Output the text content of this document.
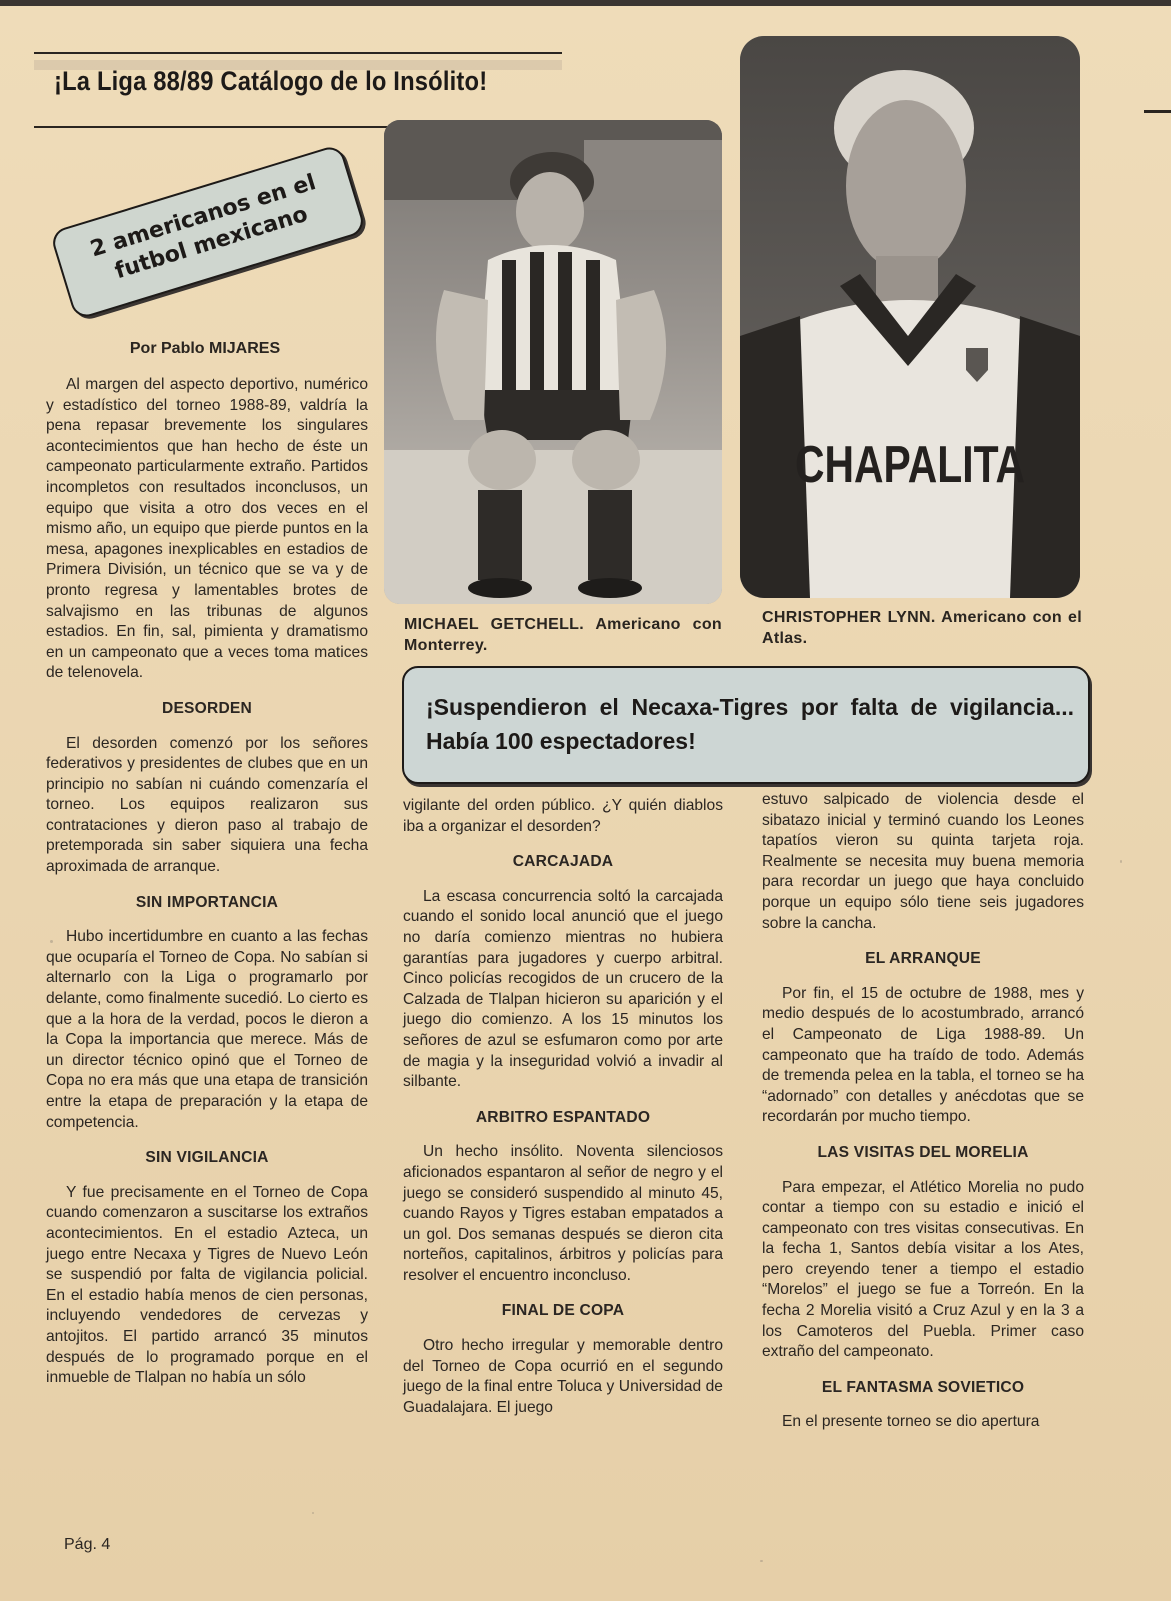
¡La Liga 88/89 Catálogo de lo Insólito!
2 americanos en el futbol mexicano
Por Pablo MIJARES

Al margen del aspecto deportivo, numérico y estadístico del torneo 1988-89, valdría la pena repasar brevemente los singulares acontecimientos que han hecho de éste un campeonato particularmente extraño. Partidos incompletos con resultados inconclusos, un equipo que visita a otro dos veces en el mismo año, un equipo que pierde puntos en la mesa, apagones inexplicables en estadios de Primera División, un técnico que se va y de pronto regresa y lamentables brotes de salvajismo en las tribunas de algunos estadios. En fin, sal, pimienta y dramatismo en un campeonato que a veces toma matices de telenovela.

DESORDEN

El desorden comenzó por los señores federativos y presidentes de clubes que en un principio no sabían ni cuándo comenzaría el torneo. Los equipos realizaron sus contrataciones y dieron paso al trabajo de pretemporada sin saber siquiera una fecha aproximada de arranque.

SIN IMPORTANCIA

Hubo incertidumbre en cuanto a las fechas que ocuparía el Torneo de Copa. No sabían si alternarlo con la Liga o programarlo por delante, como finalmente sucedió. Lo cierto es que a la hora de la verdad, pocos le dieron a la Copa la importancia que merece. Más de un director técnico opinó que el Torneo de Copa no era más que una etapa de transición entre la etapa de preparación y la etapa de competencia.

SIN VIGILANCIA

Y fue precisamente en el Torneo de Copa cuando comenzaron a suscitarse los extraños acontecimientos. En el estadio Azteca, un juego entre Necaxa y Tigres de Nuevo León se suspendió por falta de vigilancia policial. En el estadio había menos de cien personas, incluyendo vendedores de cervezas y antojitos. El partido arrancó 35 minutos después de lo programado porque en el inmueble de Tlalpan no había un sólo

CHAPALITA
MICHAEL GETCHELL. Americano con Monterrey.
CHRISTOPHER LYNN. Americano con el Atlas.
¡Suspendieron el Necaxa-Tigres por falta de vigilancia... Había 100 espectadores!

vigilante del orden público. ¿Y quién diablos iba a organizar el desorden?

CARCAJADA

La escasa concurrencia soltó la carcajada cuando el sonido local anunció que el juego no daría comienzo mientras no hubiera garantías para jugadores y cuerpo arbitral. Cinco policías recogidos de un crucero de la Calzada de Tlalpan hicieron su aparición y el juego dio comienzo. A los 15 minutos los señores de azul se esfumaron como por arte de magia y la inseguridad volvió a invadir al silbante.

ARBITRO ESPANTADO

Un hecho insólito. Noventa silenciosos aficionados espantaron al señor de negro y el juego se consideró suspendido al minuto 45, cuando Rayos y Tigres estaban empatados a un gol. Dos semanas después se dieron cita norteños, capitalinos, árbitros y policías para resolver el encuentro inconcluso.

FINAL DE COPA

Otro hecho irregular y memorable dentro del Torneo de Copa ocurrió en el segundo juego de la final entre Toluca y Universidad de Guadalajara. El juego

estuvo salpicado de violencia desde el sibatazo inicial y terminó cuando los Leones tapatíos vieron su quinta tarjeta roja. Realmente se necesita muy buena memoria para recordar un juego que haya concluido porque un equipo sólo tiene seis jugadores sobre la cancha.

EL ARRANQUE

Por fin, el 15 de octubre de 1988, mes y medio después de lo acostumbrado, arrancó el Campeonato de Liga 1988-89. Un campeonato que ha traído de todo. Además de tremenda pelea en la tabla, el torneo se ha “adornado” con detalles y anécdotas que se recordarán por mucho tiempo.

LAS VISITAS DEL MORELIA

Para empezar, el Atlético Morelia no pudo contar a tiempo con su estadio e inició el campeonato con tres visitas consecutivas. En la fecha 1, Santos debía visitar a los Ates, pero creyendo tener a tiempo el estadio “Morelos” el juego se fue a Torreón. En la fecha 2 Morelia visitó a Cruz Azul y en la 3 a los Camoteros del Puebla. Primer caso extraño del campeonato.

EL FANTASMA SOVIETICO

En el presente torneo se dio apertura

Pág. 4
